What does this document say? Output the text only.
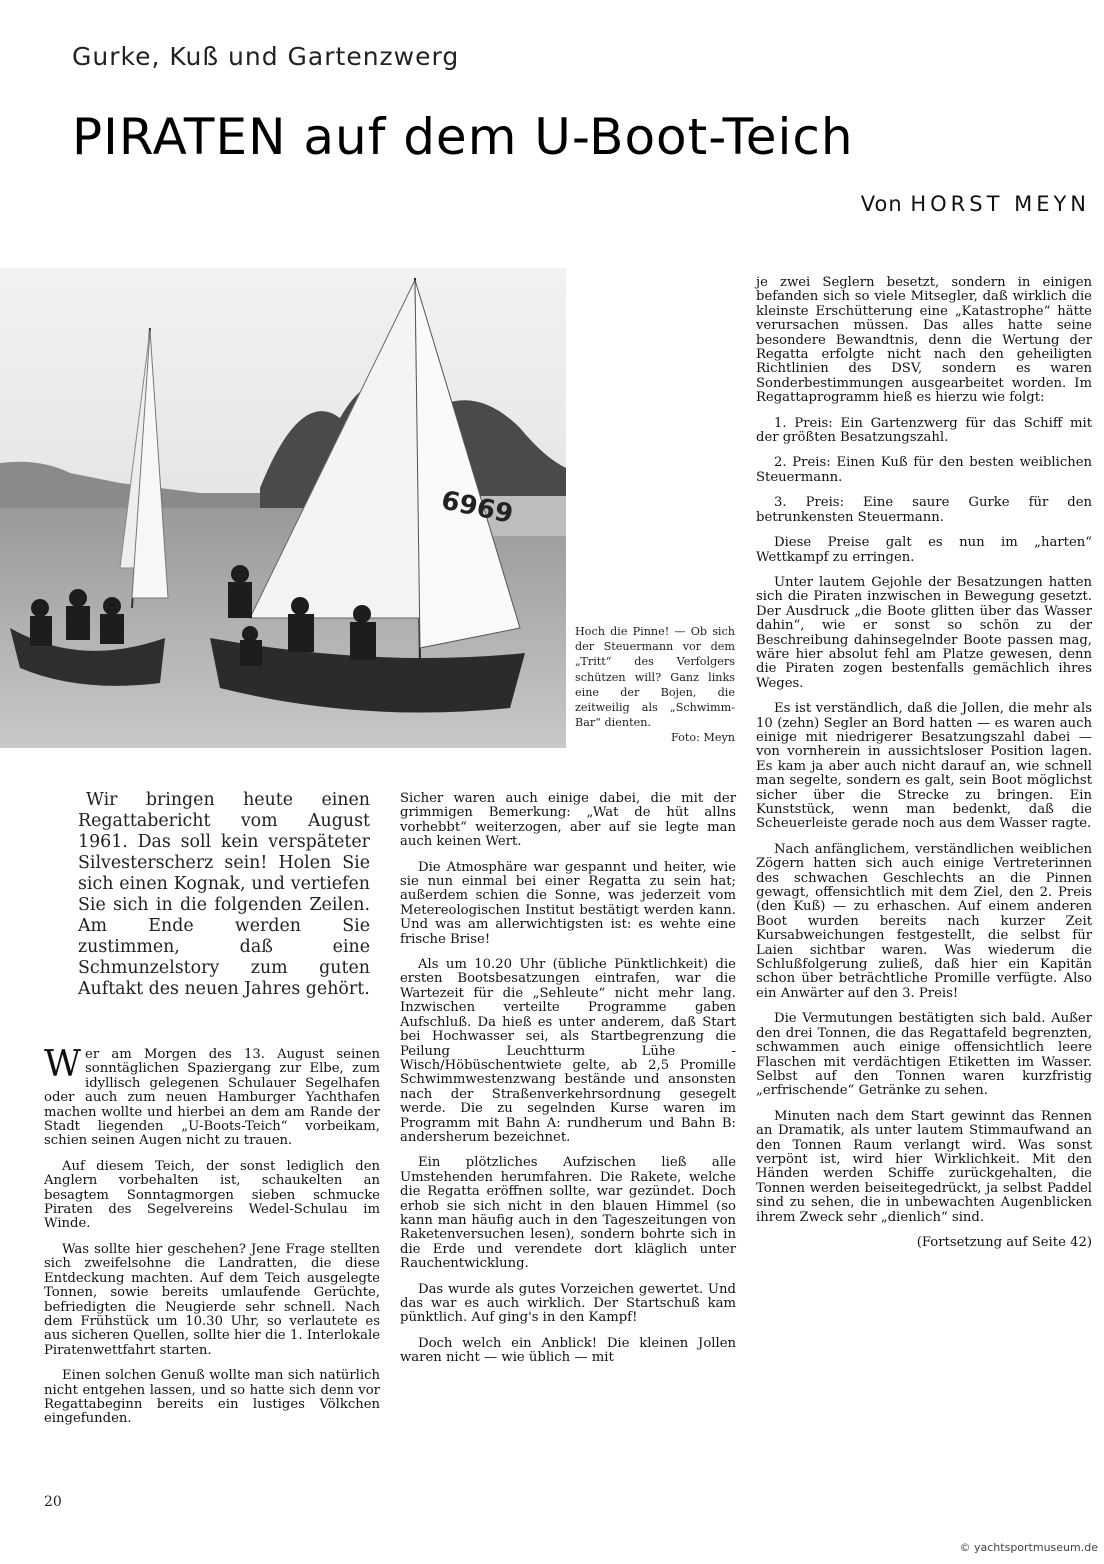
Gurke, Kuß und Gartenzwerg
PIRATEN auf dem U-Boot-Teich
Von HORST MEYN
6969
Hoch die Pinne! — Ob sich der Steuermann vor dem „Tritt“ des Verfolgers schützen will? Ganz links eine der Bojen, die zeitweilig als „Schwimm-Bar“ dienten.
Foto: Meyn

Wir bringen heute einen Regattabericht vom August 1961. Das soll kein verspäteter Silvesterscherz sein! Holen Sie sich einen Kognak, und vertiefen Sie sich in die folgenden Zeilen. Am Ende werden Sie zustimmen, daß eine Schmunzelstory zum guten Auftakt des neuen Jahres gehört.

Wer am Morgen des 13. August seinen sonntäglichen Spaziergang zur Elbe, zum idyllisch gelegenen Schulauer Segelhafen oder auch zum neuen Hamburger Yachthafen machen wollte und hierbei an dem am Rande der Stadt liegenden „U-Boots-Teich“ vorbeikam, schien seinen Augen nicht zu trauen.

Auf diesem Teich, der sonst lediglich den Anglern vorbehalten ist, schaukelten an besagtem Sonntagmorgen sieben schmucke Piraten des Segelvereins Wedel-Schulau im Winde.

Was sollte hier geschehen? Jene Frage stellten sich zweifelsohne die Landratten, die diese Entdeckung machten. Auf dem Teich ausgelegte Tonnen, sowie bereits umlaufende Gerüchte, befriedigten die Neugierde sehr schnell. Nach dem Frühstück um 10.30 Uhr, so verlautete es aus sicheren Quellen, sollte hier die 1. Interlokale Piratenwettfahrt starten.

Einen solchen Genuß wollte man sich natürlich nicht entgehen lassen, und so hatte sich denn vor Regattabeginn bereits ein lustiges Völkchen eingefunden.

Sicher waren auch einige dabei, die mit der grimmigen Bemerkung: „Wat de hüt allns vorhebbt“ weiterzogen, aber auf sie legte man auch keinen Wert.

Die Atmosphäre war gespannt und heiter, wie sie nun einmal bei einer Regatta zu sein hat; außerdem schien die Sonne, was jederzeit vom Metereologischen Institut bestätigt werden kann. Und was am allerwichtigsten ist: es wehte eine frische Brise!

Als um 10.20 Uhr (übliche Pünktlichkeit) die ersten Bootsbesatzungen eintrafen, war die Wartezeit für die „Sehleute“ nicht mehr lang. Inzwischen verteilte Programme gaben Aufschluß. Da hieß es unter anderem, daß Start bei Hochwasser sei, als Startbegrenzung die Peilung Leuchtturm Lühe - Wisch/Höbüschentwiete gelte, ab 2,5 Promille Schwimmwestenzwang bestände und ansonsten nach der Straßenverkehrsordnung gesegelt werde. Die zu segelnden Kurse waren im Programm mit Bahn A: rundherum und Bahn B: andersherum bezeichnet.

Ein plötzliches Aufzischen ließ alle Umstehenden herumfahren. Die Rakete, welche die Regatta eröffnen sollte, war gezündet. Doch erhob sie sich nicht in den blauen Himmel (so kann man häufig auch in den Tageszeitungen von Raketenversuchen lesen), sondern bohrte sich in die Erde und verendete dort kläglich unter Rauchentwicklung.

Das wurde als gutes Vorzeichen gewertet. Und das war es auch wirklich. Der Startschuß kam pünktlich. Auf ging's in den Kampf!

Doch welch ein Anblick! Die kleinen Jollen waren nicht — wie üblich — mit

je zwei Seglern besetzt, sondern in einigen befanden sich so viele Mitsegler, daß wirklich die kleinste Erschütterung eine „Katastrophe“ hätte verursachen müssen. Das alles hatte seine besondere Bewandtnis, denn die Wertung der Regatta erfolgte nicht nach den geheiligten Richtlinien des DSV, sondern es waren Sonderbestimmungen ausgearbeitet worden. Im Regattaprogramm hieß es hierzu wie folgt:

1. Preis: Ein Gartenzwerg für das Schiff mit der größten Besatzungszahl.

2. Preis: Einen Kuß für den besten weiblichen Steuermann.

3. Preis: Eine saure Gurke für den betrunkensten Steuermann.

Diese Preise galt es nun im „harten“ Wettkampf zu erringen.

Unter lautem Gejohle der Besatzungen hatten sich die Piraten inzwischen in Bewegung gesetzt. Der Ausdruck „die Boote glitten über das Wasser dahin“, wie er sonst so schön zu der Beschreibung dahinsegelnder Boote passen mag, wäre hier absolut fehl am Platze gewesen, denn die Piraten zogen bestenfalls gemächlich ihres Weges.

Es ist verständlich, daß die Jollen, die mehr als 10 (zehn) Segler an Bord hatten — es waren auch einige mit niedrigerer Besatzungszahl dabei — von vornherein in aussichtsloser Position lagen. Es kam ja aber auch nicht darauf an, wie schnell man segelte, sondern es galt, sein Boot möglichst sicher über die Strecke zu bringen. Ein Kunststück, wenn man bedenkt, daß die Scheuerleiste gerade noch aus dem Wasser ragte.

Nach anfänglichem, verständlichen weiblichen Zögern hatten sich auch einige Vertreterinnen des schwachen Geschlechts an die Pinnen gewagt, offensichtlich mit dem Ziel, den 2. Preis (den Kuß) — zu erhaschen. Auf einem anderen Boot wurden bereits nach kurzer Zeit Kursabweichungen festgestellt, die selbst für Laien sichtbar waren. Was wiederum die Schlußfolgerung zuließ, daß hier ein Kapitän schon über beträchtliche Promille verfügte. Also ein Anwärter auf den 3. Preis!

Die Vermutungen bestätigten sich bald. Außer den drei Tonnen, die das Regattafeld begrenzten, schwammen auch einige offensichtlich leere Flaschen mit verdächtigen Etiketten im Wasser. Selbst auf den Tonnen waren kurzfristig „erfrischende“ Getränke zu sehen.

Minuten nach dem Start gewinnt das Rennen an Dramatik, als unter lautem Stimmaufwand an den Tonnen Raum verlangt wird. Was sonst verpönt ist, wird hier Wirklichkeit. Mit den Händen werden Schiffe zurückgehalten, die Tonnen werden beiseitegedrückt, ja selbst Paddel sind zu sehen, die in unbewachten Augenblicken ihrem Zweck sehr „dienlich“ sind.

(Fortsetzung auf Seite 42)

20
© yachtsportmuseum.de
